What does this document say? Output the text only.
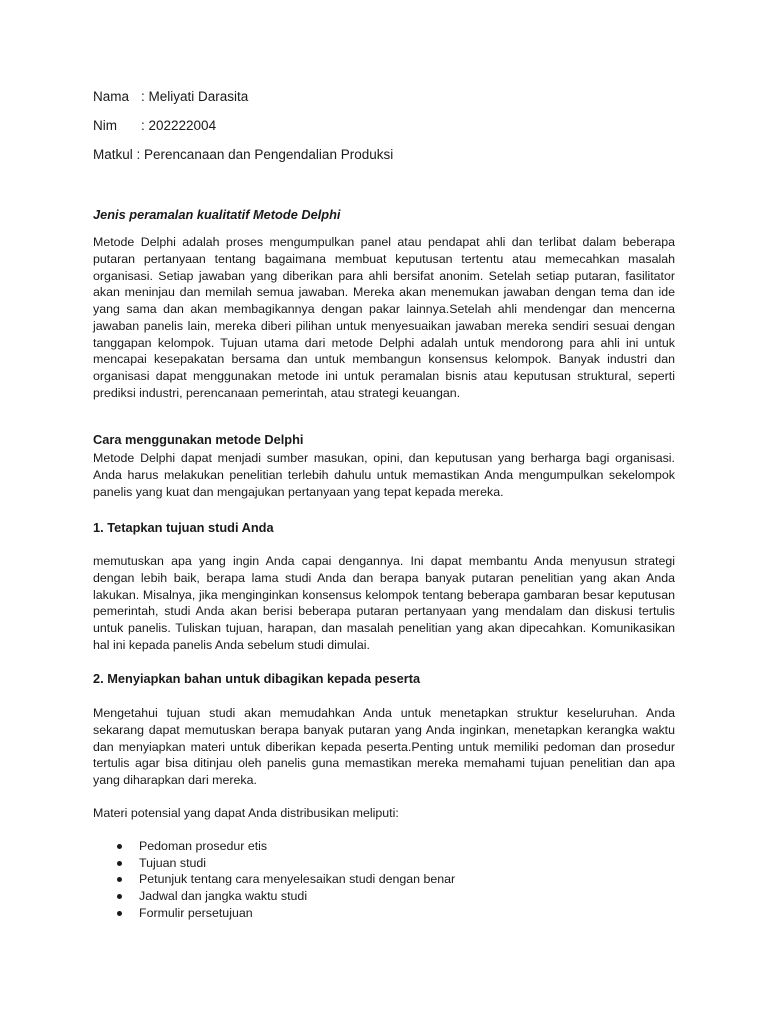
Nama : Meliyati Darasita
Nim : 202222004
Matkul : Perencanaan dan Pengendalian Produksi
Jenis peramalan kualitatif Metode Delphi
Metode Delphi adalah proses mengumpulkan panel atau pendapat ahli dan terlibat dalam beberapa putaran pertanyaan tentang bagaimana membuat keputusan tertentu atau memecahkan masalah organisasi. Setiap jawaban yang diberikan para ahli bersifat anonim. Setelah setiap putaran, fasilitator akan meninjau dan memilah semua jawaban. Mereka akan menemukan jawaban dengan tema dan ide yang sama dan akan membagikannya dengan pakar lainnya.Setelah ahli mendengar dan mencerna jawaban panelis lain, mereka diberi pilihan untuk menyesuaikan jawaban mereka sendiri sesuai dengan tanggapan kelompok. Tujuan utama dari metode Delphi adalah untuk mendorong para ahli ini untuk mencapai kesepakatan bersama dan untuk membangun konsensus kelompok. Banyak industri dan organisasi dapat menggunakan metode ini untuk peramalan bisnis atau keputusan struktural, seperti prediksi industri, perencanaan pemerintah, atau strategi keuangan.
Cara menggunakan metode Delphi
Metode Delphi dapat menjadi sumber masukan, opini, dan keputusan yang berharga bagi organisasi. Anda harus melakukan penelitian terlebih dahulu untuk memastikan Anda mengumpulkan sekelompok panelis yang kuat dan mengajukan pertanyaan yang tepat kepada mereka.
1. Tetapkan tujuan studi Anda
memutuskan apa yang ingin Anda capai dengannya. Ini dapat membantu Anda menyusun strategi dengan lebih baik, berapa lama studi Anda dan berapa banyak putaran penelitian yang akan Anda lakukan. Misalnya, jika menginginkan konsensus kelompok tentang beberapa gambaran besar keputusan pemerintah, studi Anda akan berisi beberapa putaran pertanyaan yang mendalam dan diskusi tertulis untuk panelis. Tuliskan tujuan, harapan, dan masalah penelitian yang akan dipecahkan. Komunikasikan hal ini kepada panelis Anda sebelum studi dimulai.
2. Menyiapkan bahan untuk dibagikan kepada peserta
Mengetahui tujuan studi akan memudahkan Anda untuk menetapkan struktur keseluruhan. Anda sekarang dapat memutuskan berapa banyak putaran yang Anda inginkan, menetapkan kerangka waktu dan menyiapkan materi untuk diberikan kepada peserta.Penting untuk memiliki pedoman dan prosedur tertulis agar bisa ditinjau oleh panelis guna memastikan mereka memahami tujuan penelitian dan apa yang diharapkan dari mereka.
Materi potensial yang dapat Anda distribusikan meliputi:
Pedoman prosedur etis
Tujuan studi
Petunjuk tentang cara menyelesaikan studi dengan benar
Jadwal dan jangka waktu studi
Formulir persetujuan
